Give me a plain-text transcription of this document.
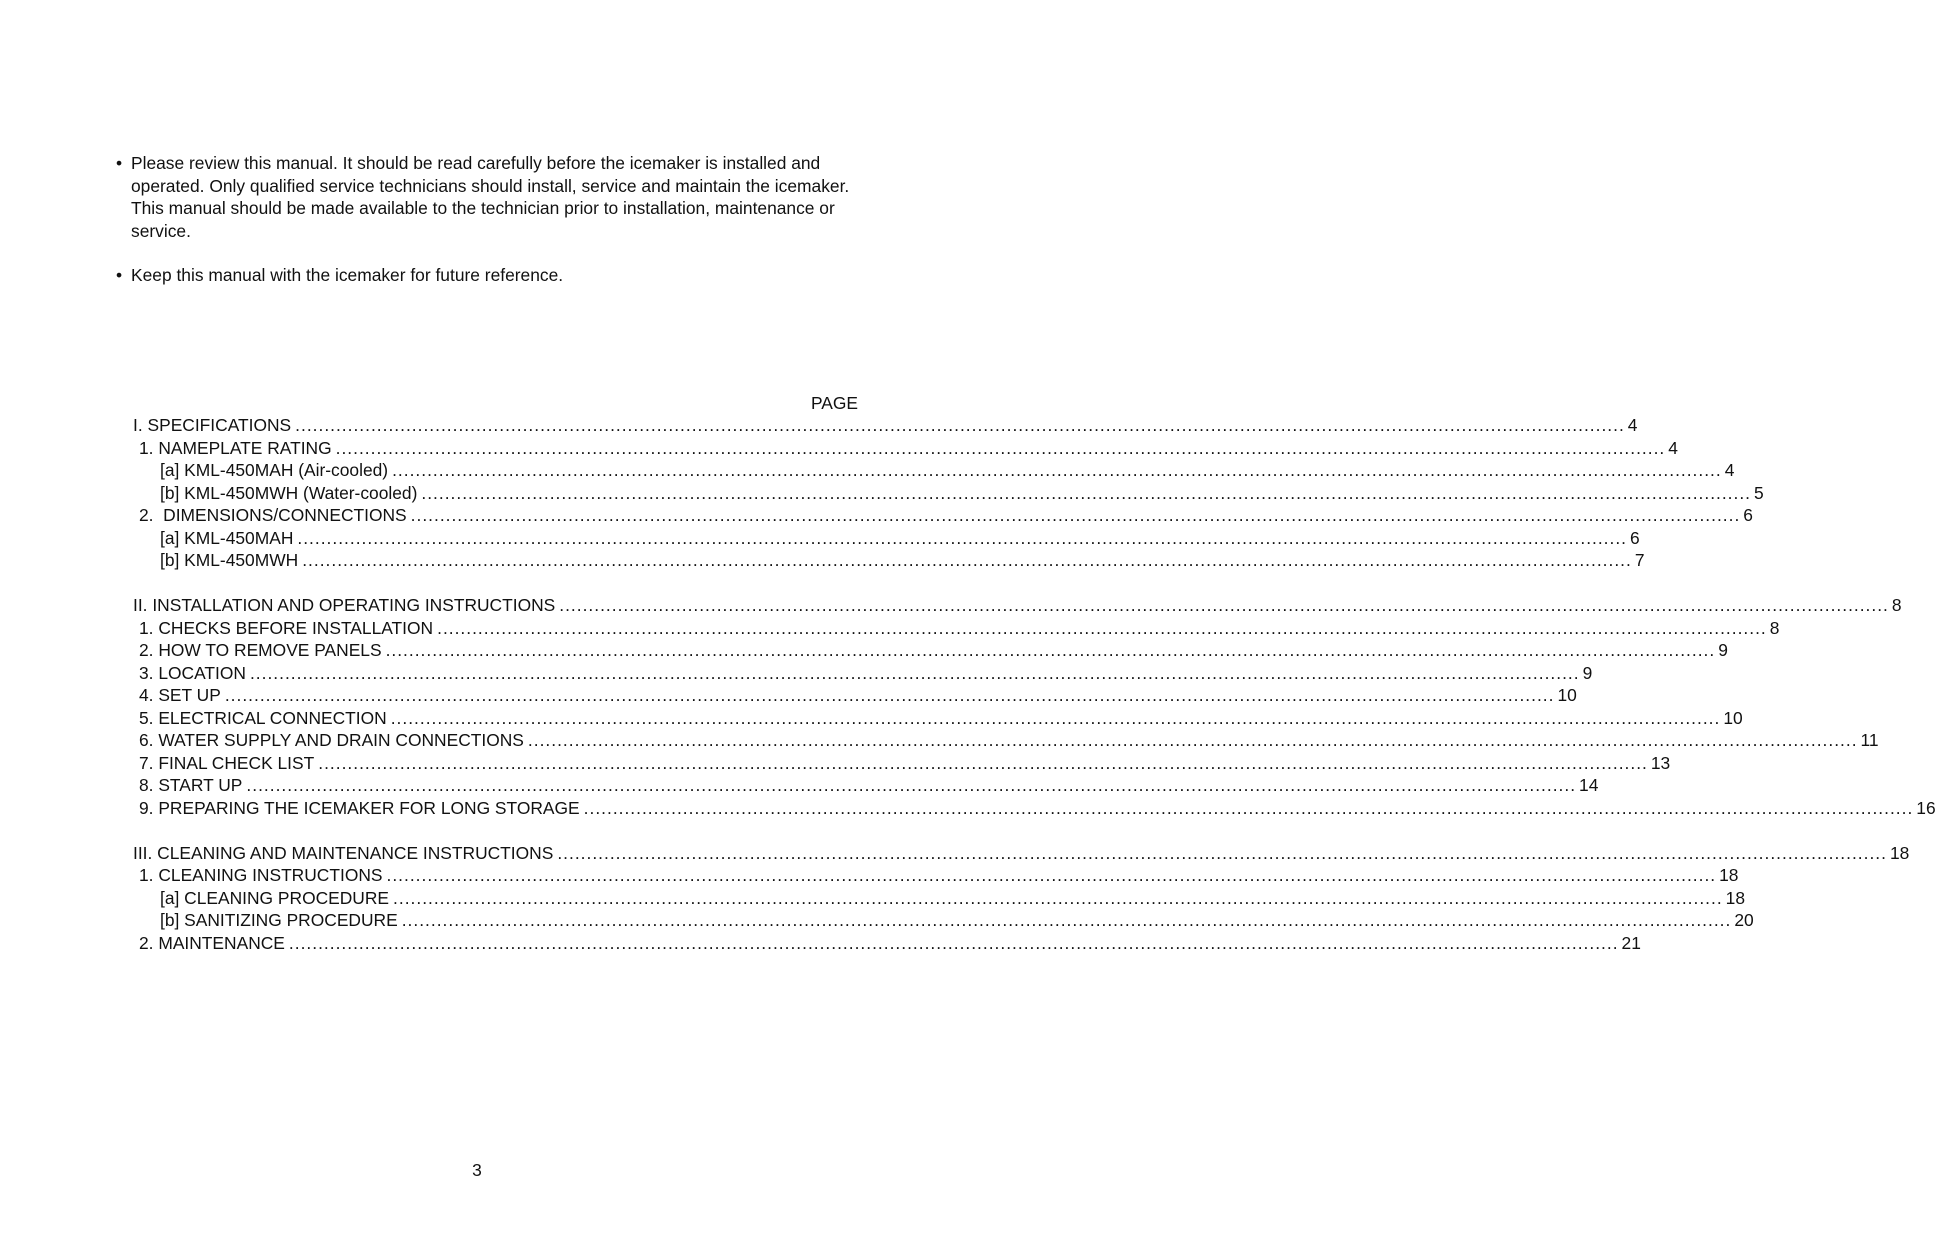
• Please review this manual. It should be read carefully before the icemaker is installed and operated. Only qualified service technicians should install, service and maintain the icemaker. This manual should be made available to the technician prior to installation, maintenance or service.
• Keep this manual with the icemaker for future reference.
PAGE
I. SPECIFICATIONS .....	4
1. NAMEPLATE RATING .....	4
[a] KML-450MAH (Air-cooled) .....	4
[b] KML-450MWH (Water-cooled) .....	5
2.  DIMENSIONS/CONNECTIONS .....	6
[a] KML-450MAH .....	6
[b] KML-450MWH .....	7
II. INSTALLATION AND OPERATING INSTRUCTIONS .....	8
1. CHECKS BEFORE INSTALLATION .....	8
2. HOW TO REMOVE PANELS .....	9
3. LOCATION .....	9
4. SET UP .....	10
5. ELECTRICAL CONNECTION .....	10
6. WATER SUPPLY AND DRAIN CONNECTIONS .....	11
7. FINAL CHECK LIST .....	13
8. START UP .....	14
9. PREPARING THE ICEMAKER FOR LONG STORAGE .....	16
III. CLEANING AND MAINTENANCE INSTRUCTIONS .....	18
1. CLEANING INSTRUCTIONS .....	18
[a] CLEANING PROCEDURE .....	18
[b] SANITIZING PROCEDURE .....	20
2. MAINTENANCE .....	21
3
